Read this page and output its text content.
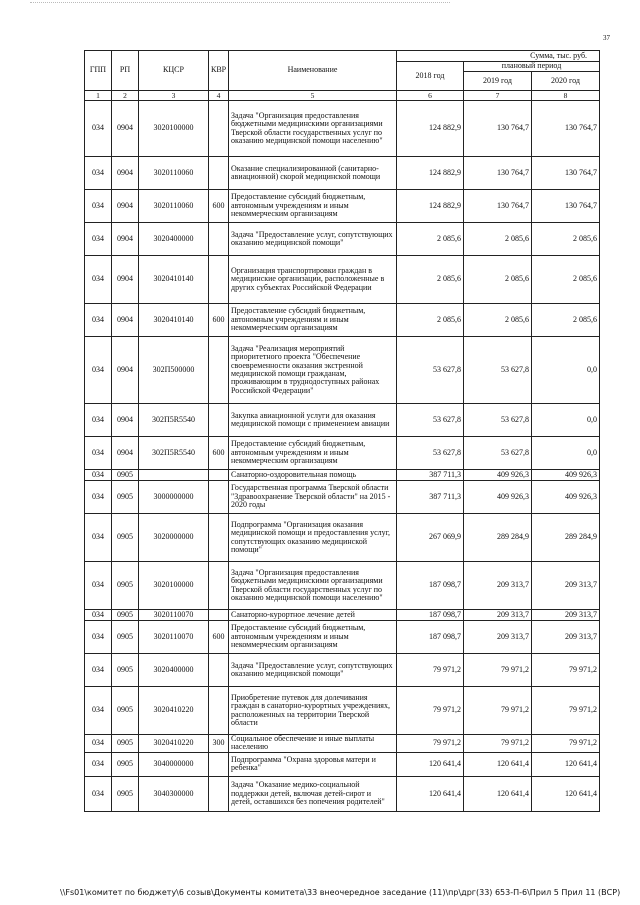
37
ГПП	РП	КЦСР	КВР	Наименование	Сумма, тыс. руб.		
					2018 год	плановый период	
						2019 год	2020 год
1	2	3	4	5	6	7	8
034	0904	3020100000		Задача "Организация предоставления бюджетными медицинскими организациями Тверской области государственных услуг по оказанию медицинской помощи населению"	124 882,9	130 764,7	130 764,7
034	0904	3020110060		Оказание специализированной (санитарно-авиационной) скорой медицинской помощи	124 882,9	130 764,7	130 764,7
034	0904	3020110060	600	Предоставление субсидий бюджетным, автономным учреждениям и иным некоммерческим организациям	124 882,9	130 764,7	130 764,7
034	0904	3020400000		Задача "Предоставление услуг, сопутствующих оказанию медицинской помощи"	2 085,6	2 085,6	2 085,6
034	0904	3020410140		Организация транспортировки граждан в медицинские организации, расположенные в других субъектах Российской Федерации	2 085,6	2 085,6	2 085,6
034	0904	3020410140	600	Предоставление субсидий бюджетным, автономным учреждениям и иным некоммерческим организациям	2 085,6	2 085,6	2 085,6
034	0904	302П500000		Задача "Реализация мероприятий приоритетного проекта "Обеспечение своевременности оказания экстренной медицинской помощи гражданам, проживающим в труднодоступных районах Российской Федерации"	53 627,8	53 627,8	0,0
034	0904	302П5R5540		Закупка авиационной услуги для оказания медицинской помощи с применением авиации	53 627,8	53 627,8	0,0
034	0904	302П5R5540	600	Предоставление субсидий бюджетным, автономным учреждениям и иным некоммерческим организациям	53 627,8	53 627,8	0,0
034	0905			Санаторно-оздоровительная помощь	387 711,3	409 926,3	409 926,3
034	0905	3000000000		Государственная программа Тверской области "Здравоохранение Тверской области" на 2015 - 2020 годы	387 711,3	409 926,3	409 926,3
034	0905	3020000000		Подпрограмма "Организация оказания медицинской помощи и предоставления услуг, сопутствующих оказанию медицинской помощи"	267 069,9	289 284,9	289 284,9
034	0905	3020100000		Задача "Организация предоставления бюджетными медицинскими организациями Тверской области государственных услуг по оказанию медицинской помощи населению"	187 098,7	209 313,7	209 313,7
034	0905	3020110070		Санаторно-курортное лечение детей	187 098,7	209 313,7	209 313,7
034	0905	3020110070	600	Предоставление субсидий бюджетным, автономным учреждениям и иным некоммерческим организациям	187 098,7	209 313,7	209 313,7
034	0905	3020400000		Задача "Предоставление услуг, сопутствующих оказанию медицинской помощи"	79 971,2	79 971,2	79 971,2
034	0905	3020410220		Приобретение путевок для долечивания граждан в санаторно-курортных учреждениях, расположенных на территории Тверской области	79 971,2	79 971,2	79 971,2
034	0905	3020410220	300	Социальное обеспечение и иные выплаты населению	79 971,2	79 971,2	79 971,2
034	0905	3040000000		Подпрограмма "Охрана здоровья матери и ребенка"	120 641,4	120 641,4	120 641,4
034	0905	3040300000		Задача "Оказание медико-социальной поддержки детей, включая детей-сирот и детей, оставшихся без попечения родителей"	120 641,4	120 641,4	120 641,4
\\Fs01\комитет по бюджету\6 созыв\Документы комитета\33 внеочередное заседание (11)\пр\дрг(33) 653-П-6\Прил 5 Прил 11 (ВСР)
